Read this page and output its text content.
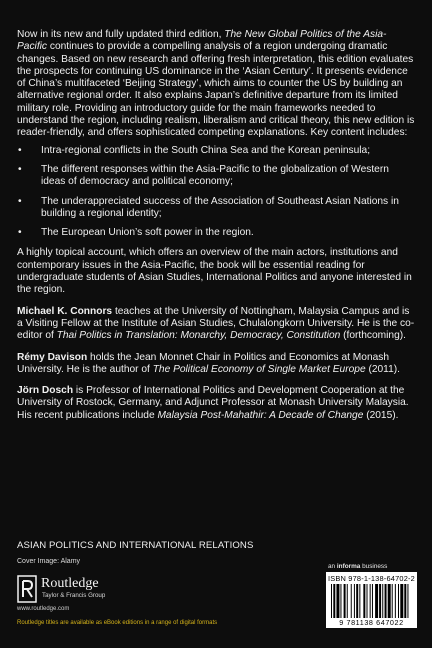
Now in its new and fully updated third edition, The New Global Politics of the Asia-Pacific continues to provide a compelling analysis of a region undergoing dramatic changes. Based on new research and offering fresh interpretation, this edition evaluates the prospects for continuing US dominance in the ‘Asian Century’. It presents evidence of China’s multifaceted ‘Beijing Strategy’, which aims to counter the US by building an alternative regional order. It also explains Japan’s definitive departure from its limited military role. Providing an introductory guide for the main frameworks needed to understand the region, including realism, liberalism and critical theory, this new edition is reader-friendly, and offers sophisticated competing explanations. Key content includes:

• Intra-regional conflicts in the South China Sea and the Korean peninsula;
• The different responses within the Asia-Pacific to the globalization of Western ideas of democracy and political economy;
• The underappreciated success of the Association of Southeast Asian Nations in building a regional identity;
• The European Union’s soft power in the region.

A highly topical account, which offers an overview of the main actors, institutions and contemporary issues in the Asia-Pacific, the book will be essential reading for undergraduate students of Asian Studies, International Politics and anyone interested in the region.

Michael K. Connors teaches at the University of Nottingham, Malaysia Campus and is a Visiting Fellow at the Institute of Asian Studies, Chulalongkorn University. He is the co-editor of Thai Politics in Translation: Monarchy, Democracy, Constitution (forthcoming).

Rémy Davison holds the Jean Monnet Chair in Politics and Economics at Monash University. He is the author of The Political Economy of Single Market Europe (2011).

Jörn Dosch is Professor of International Politics and Development Cooperation at the University of Rostock, Germany, and Adjunct Professor at Monash University Malaysia. His recent publications include Malaysia Post-Mahathir: A Decade of Change (2015).

ASIAN POLITICS AND INTERNATIONAL RELATIONS
Cover Image: Alamy
Routledge
Taylor & Francis Group
www.routledge.com
Routledge titles are available as eBook editions in a range of digital formats
an informa business
ISBN 978-1-138-64702-2
9 781138 647022
